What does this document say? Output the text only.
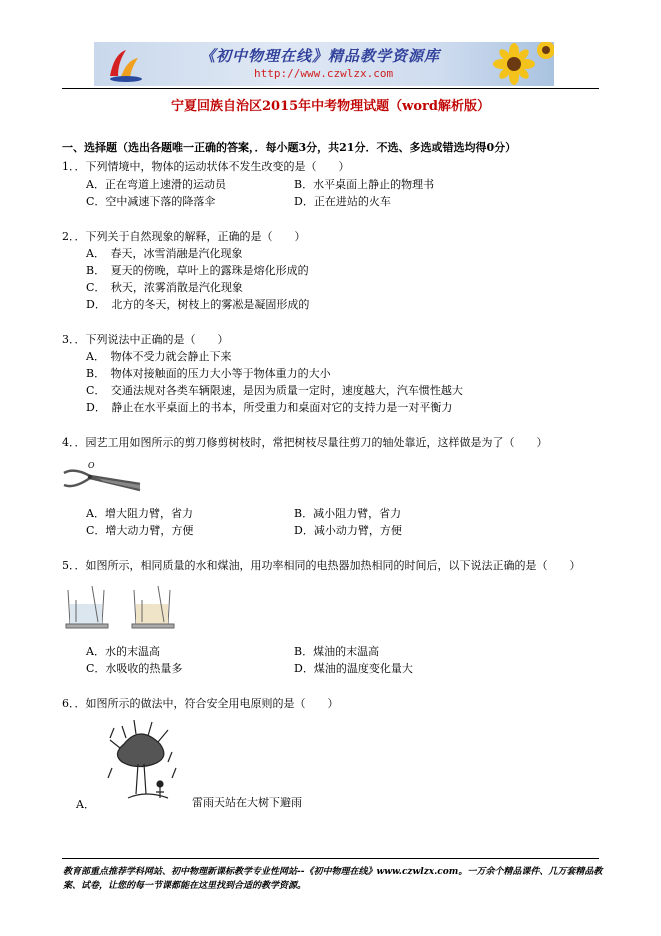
《初中物理在线》精品教学资源库
http://www.czwlzx.com
宁夏回族自治区2015年中考物理试题（word解析版）
一、选择题（选出各题唯一正确的答案，．每小题3分，共21分．不选、多选或错选均得0分）
1．．下列情境中，物体的运动状体不发生改变的是（　　）
A．正在弯道上速滑的运动员	B．水平桌面上静止的物理书
C．空中减速下落的降落伞	D．正在进站的火车
2．．下列关于自然现象的解释，正确的是（　　）
A．　春天，冰雪消融是汽化现象
B．　夏天的傍晚，草叶上的露珠是熔化形成的
C．　秋天，浓雾消散是汽化现象
D．　北方的冬天，树枝上的雾凇是凝固形成的
3．．下列说法中正确的是（　　）
A．　物体不受力就会静止下来
B．　物体对接触面的压力大小等于物体重力的大小
C．　交通法规对各类车辆限速，是因为质量一定时，速度越大，汽车惯性越大
D．　静止在水平桌面上的书本，所受重力和桌面对它的支持力是一对平衡力
4．．园艺工用如图所示的剪刀修剪树枝时，常把树枝尽量往剪刀的轴处靠近，这样做是为了（　　）
O
A．增大阻力臂，省力	B．减小阻力臂，省力
C．增大动力臂，方便	D．减小动力臂，方便
5．．如图所示，相同质量的水和煤油，用功率相同的电热器加热相同的时间后，以下说法正确的是（　　）
A．水的末温高	B．煤油的末温高
C．水吸收的热量多	D．煤油的温度变化量大
6．．如图所示的做法中，符合安全用电原则的是（　　）
A．	雷雨天站在大树下避雨
教育部重点推荐学科网站、初中物理新课标教学专业性网站--《初中物理在线》www.czwlzx.com。一万余个精品课件、几万套精品教案、试卷，让您的每一节课都能在这里找到合适的教学资源。
